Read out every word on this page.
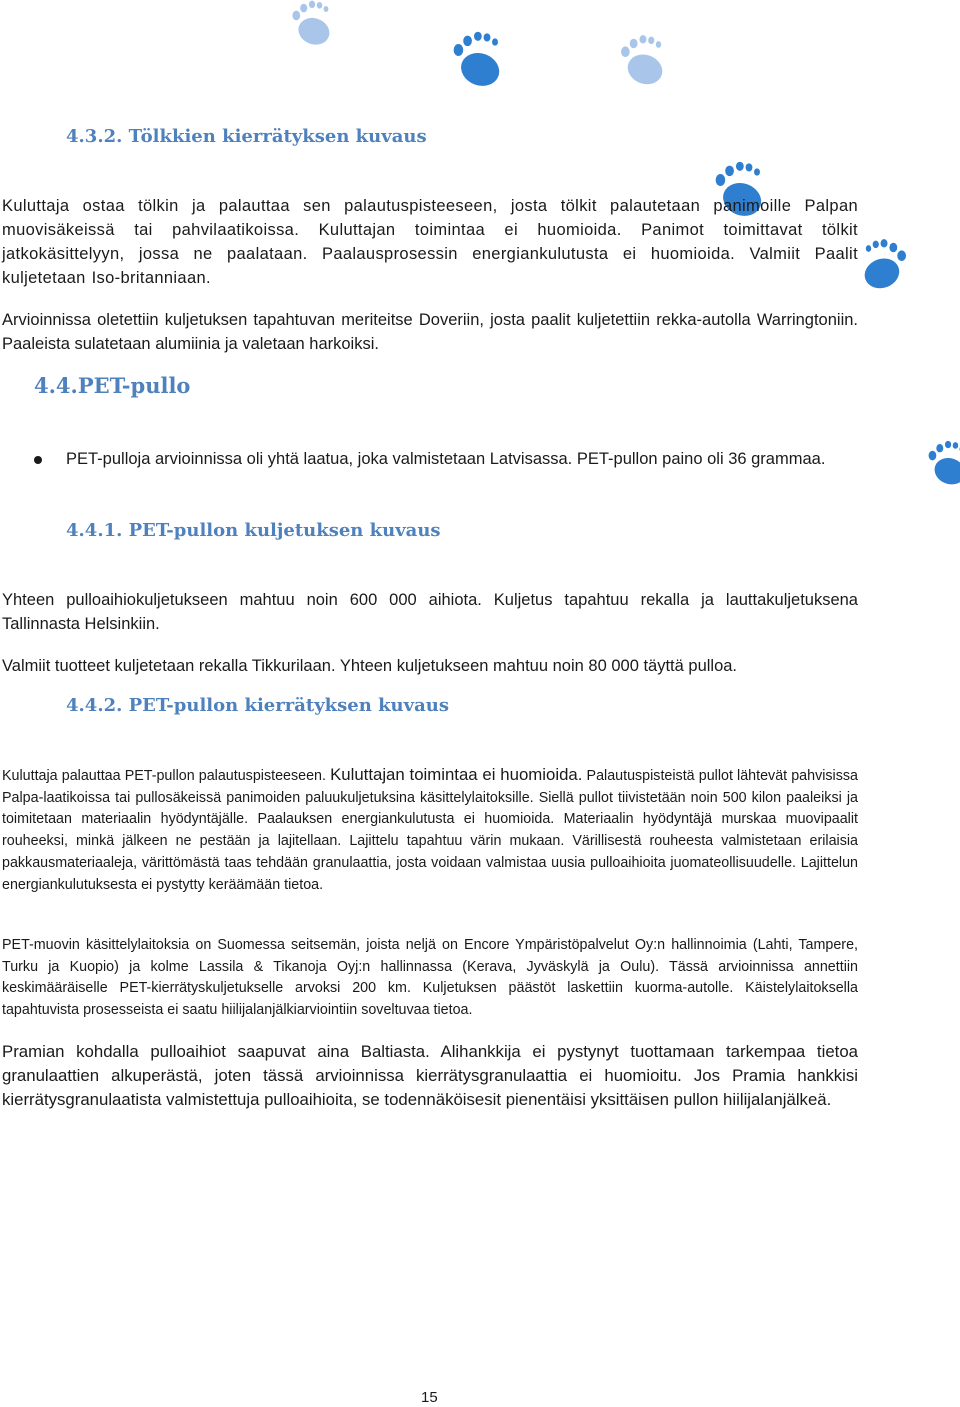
4.3.2. Tölkkien kierrätyksen kuvaus
Kuluttaja ostaa tölkin ja palauttaa sen palautuspisteeseen, josta tölkit palautetaan panimoille Palpan muovisäkeissä tai pahvilaatikoissa. Kuluttajan toimintaa ei huomioida. Panimot toimittavat tölkit jatkokäsittelyyn, jossa ne paalataan. Paalausprosessin energiankulutusta ei huomioida. Valmiit Paalit kuljetetaan Iso-britanniaan.
Arvioinnissa oletettiin kuljetuksen tapahtuvan meriteitse Doveriin, josta paalit kuljetettiin rekka-autolla Warringtoniin. Paaleista sulatetaan alumiinia ja valetaan harkoiksi.
4.4.PET-pullo
PET-pulloja arvioinnissa oli yhtä laatua, joka valmistetaan Latvisassa. PET-pullon paino oli 36 grammaa.
4.4.1. PET-pullon kuljetuksen kuvaus
Yhteen pulloaihiokuljetukseen mahtuu noin 600 000 aihiota. Kuljetus tapahtuu rekalla ja lauttakuljetuksena Tallinnasta Helsinkiin.
Valmiit tuotteet kuljetetaan rekalla Tikkurilaan. Yhteen kuljetukseen mahtuu noin 80 000 täyttä pulloa.
4.4.2. PET-pullon kierrätyksen kuvaus
Kuluttaja palauttaa PET-pullon palautuspisteeseen. Kuluttajan toimintaa ei huomioida. Palautuspisteistä pullot lähtevät pahvisissa Palpa-laatikoissa tai pullosäkeissä panimoiden paluukuljetuksina käsittelylaitoksille. Siellä pullot tiivistetään noin 500 kilon paaleiksi ja toimitetaan materiaalin hyödyntäjälle. Paalauksen energiankulutusta ei huomioida. Materiaalin hyödyntäjä murskaa muovipaalit rouheeksi, minkä jälkeen ne pestään ja lajitellaan. Lajittelu tapahtuu värin mukaan. Värillisestä rouheesta valmistetaan erilaisia pakkausmateriaaleja, värittömästä taas tehdään granulaattia, josta voidaan valmistaa uusia pulloaihioita juomateollisuudelle. Lajittelun energiankulutuksesta ei pystytty keräämään tietoa.
PET-muovin käsittelylaitoksia on Suomessa seitsemän, joista neljä on Encore Ympäristöpalvelut Oy:n hallinnoimia (Lahti, Tampere, Turku ja Kuopio) ja kolme Lassila & Tikanoja Oyj:n hallinnassa (Kerava, Jyväskylä ja Oulu). Tässä arvioinnissa annettiin keskimääräiselle PET-kierrätyskuljetukselle arvoksi 200 km. Kuljetuksen päästöt laskettiin kuorma-autolle. Käistelylaitoksella tapahtuvista prosesseista ei saatu hiilijalanjälkiarviointiin soveltuvaa tietoa.
Pramian kohdalla pulloaihiot saapuvat aina Baltiasta. Alihankkija ei pystynyt tuottamaan tarkempaa tietoa granulaattien alkuperästä, joten tässä arvioinnissa kierrätysgranulaattia ei huomioitu. Jos Pramia hankkisi kierrätysgranulaatista valmistettuja pulloaihioita, se todennäköisesit pienentäisi yksittäisen pullon hiilijalanjälkeä.
15
